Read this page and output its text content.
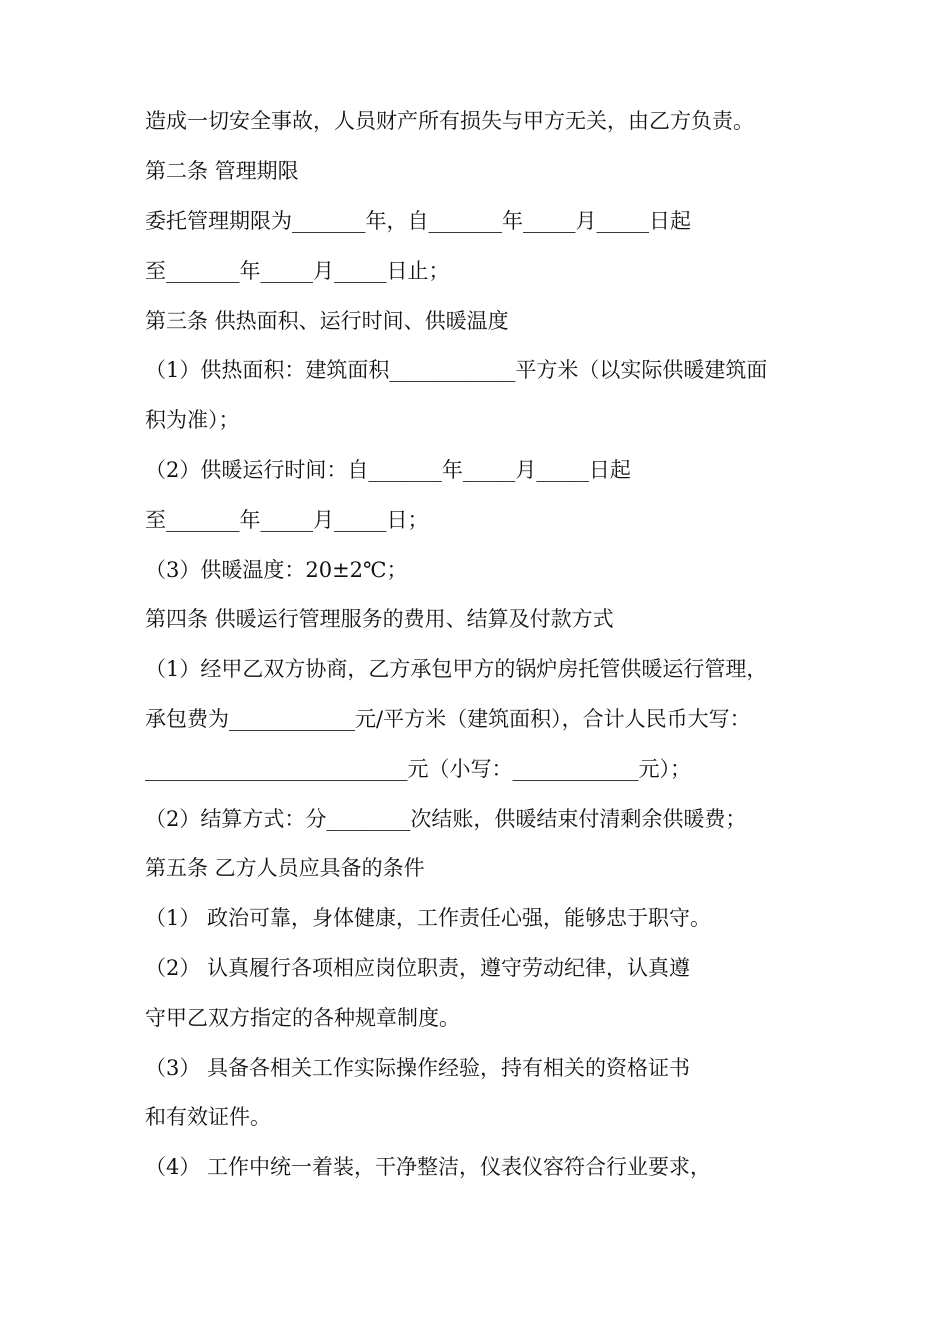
造成一切安全事故，人员财产所有损失与甲方无关，由乙方负责。
第二条 管理期限
委托管理期限为_______年，自_______年_____月_____日起
至_______年_____月_____日止；
第三条 供热面积、运行时间、供暖温度
（1）供热面积：建筑面积____________平方米（以实际供暖建筑面
积为准）；
（2）供暖运行时间：自_______年_____月_____日起
至_______年_____月_____日；
（3）供暖温度：20±2℃；
第四条 供暖运行管理服务的费用、结算及付款方式
（1）经甲乙双方协商，乙方承包甲方的锅炉房托管供暖运行管理，
承包费为____________元/平方米（建筑面积），合计人民币大写：
_________________________元（小写：____________元）；
（2）结算方式：分________次结账，供暖结束付清剩余供暖费；
第五条 乙方人员应具备的条件
（1） 政治可靠，身体健康，工作责任心强，能够忠于职守。
（2） 认真履行各项相应岗位职责，遵守劳动纪律，认真遵
守甲乙双方指定的各种规章制度。
（3） 具备各相关工作实际操作经验，持有相关的资格证书
和有效证件。
（4） 工作中统一着装，干净整洁，仪表仪容符合行业要求，
